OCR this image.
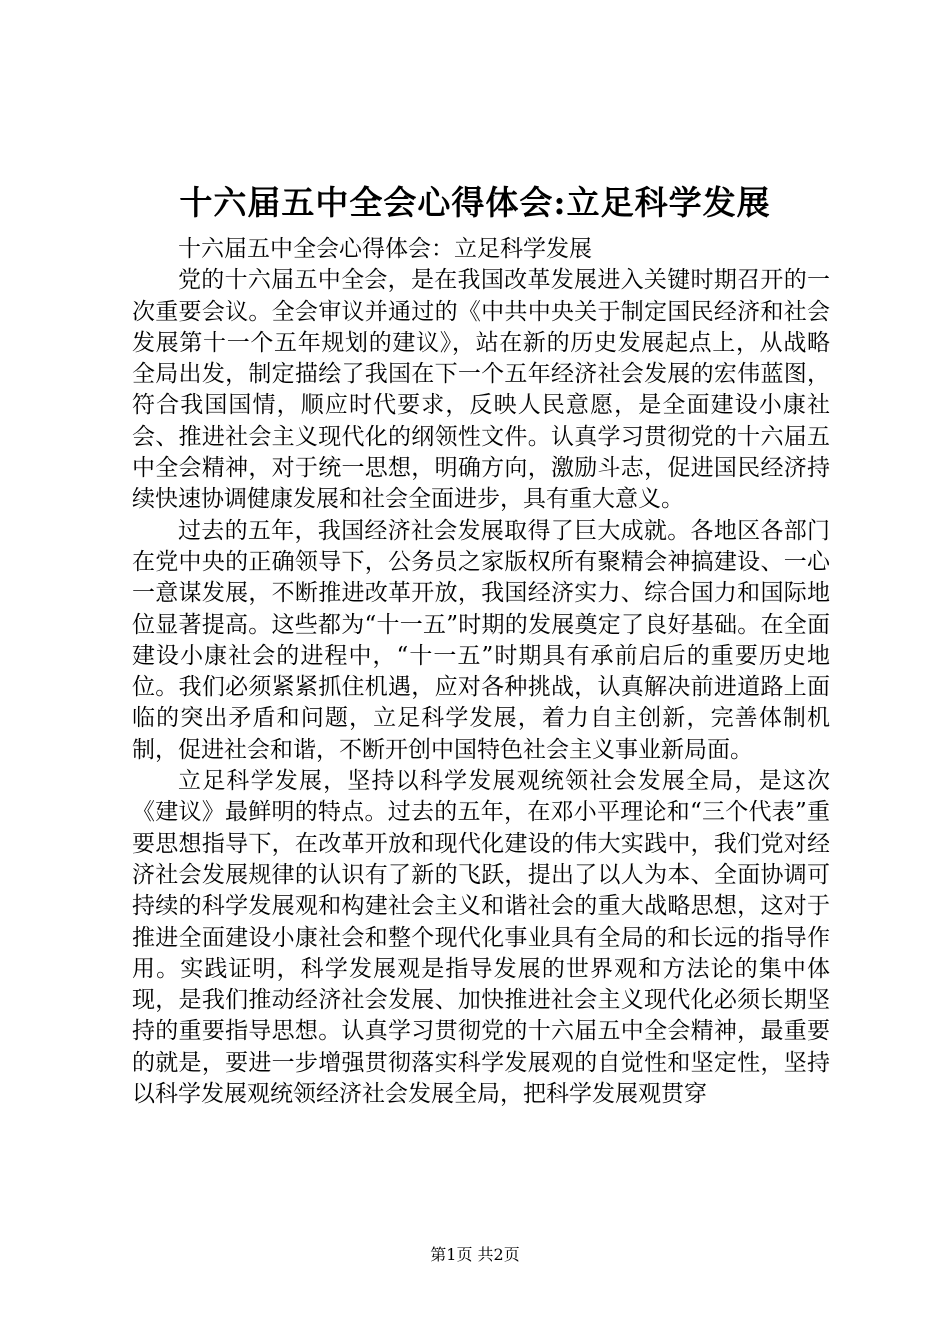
十六届五中全会心得体会:立足科学发展

十六届五中全会心得体会：立足科学发展

党的十六届五中全会，是在我国改革发展进入关键时期召开的一次重要会议。全会审议并通过的《中共中央关于制定国民经济和社会发展第十一个五年规划的建议》，站在新的历史发展起点上，从战略全局出发，制定描绘了我国在下一个五年经济社会发展的宏伟蓝图，符合我国国情，顺应时代要求，反映人民意愿，是全面建设小康社会、推进社会主义现代化的纲领性文件。认真学习贯彻党的十六届五中全会精神，对于统一思想，明确方向，激励斗志，促进国民经济持续快速协调健康发展和社会全面进步，具有重大意义。

过去的五年，我国经济社会发展取得了巨大成就。各地区各部门在党中央的正确领导下，公务员之家版权所有聚精会神搞建设、一心一意谋发展，不断推进改革开放，我国经济实力、综合国力和国际地位显著提高。这些都为“十一五”时期的发展奠定了良好基础。在全面建设小康社会的进程中，“十一五”时期具有承前启后的重要历史地位。我们必须紧紧抓住机遇，应对各种挑战，认真解决前进道路上面临的突出矛盾和问题，立足科学发展，着力自主创新，完善体制机制，促进社会和谐，不断开创中国特色社会主义事业新局面。

立足科学发展，坚持以科学发展观统领社会发展全局，是这次《建议》最鲜明的特点。过去的五年，在邓小平理论和“三个代表”重要思想指导下，在改革开放和现代化建设的伟大实践中，我们党对经济社会发展规律的认识有了新的飞跃，提出了以人为本、全面协调可持续的科学发展观和构建社会主义和谐社会的重大战略思想，这对于推进全面建设小康社会和整个现代化事业具有全局的和长远的指导作用。实践证明，科学发展观是指导发展的世界观和方法论的集中体现，是我们推动经济社会发展、加快推进社会主义现代化必须长期坚持的重要指导思想。认真学习贯彻党的十六届五中全会精神，最重要的就是，要进一步增强贯彻落实科学发展观的自觉性和坚定性，坚持以科学发展观统领经济社会发展全局，把科学发展观贯穿

第1页 共2页
